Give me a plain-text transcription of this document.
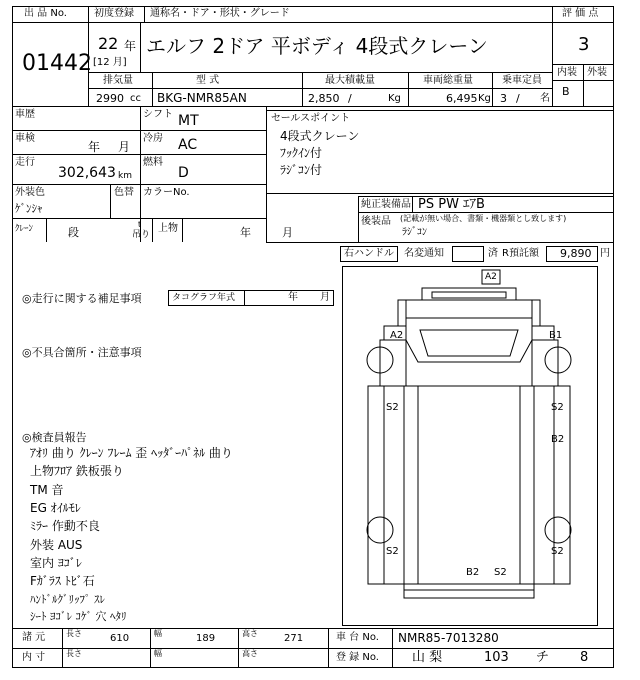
出 品 No.
01442
初度登録 通称名・ドア・形状・グレード
22 年
[12 月]
エルフ 2ドア 平ボディ 4段式クレーン
評 価 点
3
内装 外装
B
排気量	型 式	最大積載量	車両総重量	乗車定員
2990 cc BKG-NMR85AN	2,850 /	Kg	6,495 Kg 3 / 名
車歴	シフト MT
車検
年 月
冷房 AC
走行
302,643 km
燃料
D
外装色
ｹﾞﾝｼｬ
色替 カラーNo.
ｸﾚｰﾝ	段
t
吊り
上物	年	月
セールスポイント
4段式クレーン
ﾌｯｸｲﾝ付
ﾗｼﾞｺﾝ付
純正装備品 PS PW ｴｱB
後装品 (記載が無い場合、書類・機器類とし致します)
ﾗｼﾞｺﾝ
右ハンドル 名変通知	済 R預託額 9,890 円
◎走行に関する補足事項	タコグラフ年式	年 月
◎不具合箇所・注意事項
◎検査員報告
ｱｵﾘ 曲り ｸﾚｰﾝ ﾌﾚｰﾑ 歪 ﾍｯﾀﾞｰﾊﾟﾈﾙ 曲り
上物ﾌﾛｱ 鉄板張り
TM 音
EG ｵｲﾙﾓﾚ
ﾐﾗｰ 作動不良
外装 AUS
室内 ﾖｺﾞﾚ
Fｶﾞﾗｽ ﾄﾋﾞ石
ﾊﾝﾄﾞﾙｸﾞﾘｯﾌﾟ ｽﾚ
ｼｰﾄ ﾖｺﾞﾚ ｺｹﾞ 穴 ﾍﾀﾘ
A2
A2	B1
S2	S2
B2
S2	S2
B2 S2
諸 元	長さ	610	幅	189	高さ	271	車 台 No. NMR85-7013280
内 寸	長さ	幅	高さ	登 録 No.	山 梨	103 チ 8
